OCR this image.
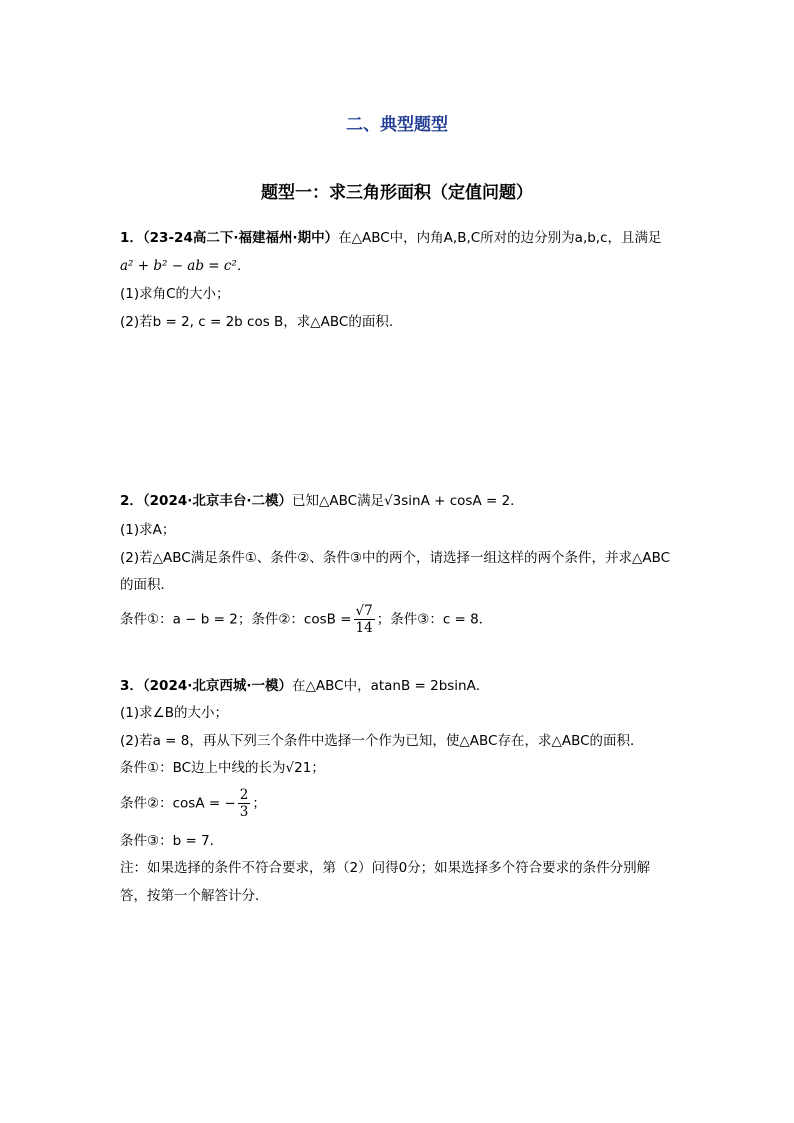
二、典型题型
题型一：求三角形面积（定值问题）
1．（23-24高二下·福建福州·期中）在△ABC中，内角A,B,C所对的边分别为a,b,c，且满足
a² + b² − ab = c²．
(1)求角C的大小；
(2)若b = 2, c = 2b cos B，求△ABC的面积.
2．（2024·北京丰台·二模）已知△ABC满足√3sinA + cosA = 2．
(1)求A；
(2)若△ABC满足条件①、条件②、条件③中的两个，请选择一组这样的两个条件，并求△ABC
的面积．
条件①：a − b = 2；条件②：$\cos B = \frac{√7}{14}$ ；条件③：c = 8．
3．（2024·北京西城·一模）在△ABC中，atanB = 2bsinA．
(1)求∠B的大小；
(2)若a = 8，再从下列三个条件中选择一个作为已知，使△ABC存在，求△ABC的面积．
条件①：BC边上中线的长为√21；
条件②：cosA = − $\frac{2}{3}$ ；
条件③：b = 7．
注：如果选择的条件不符合要求，第（2）问得0分；如果选择多个符合要求的条件分别解
答，按第一个解答计分．
